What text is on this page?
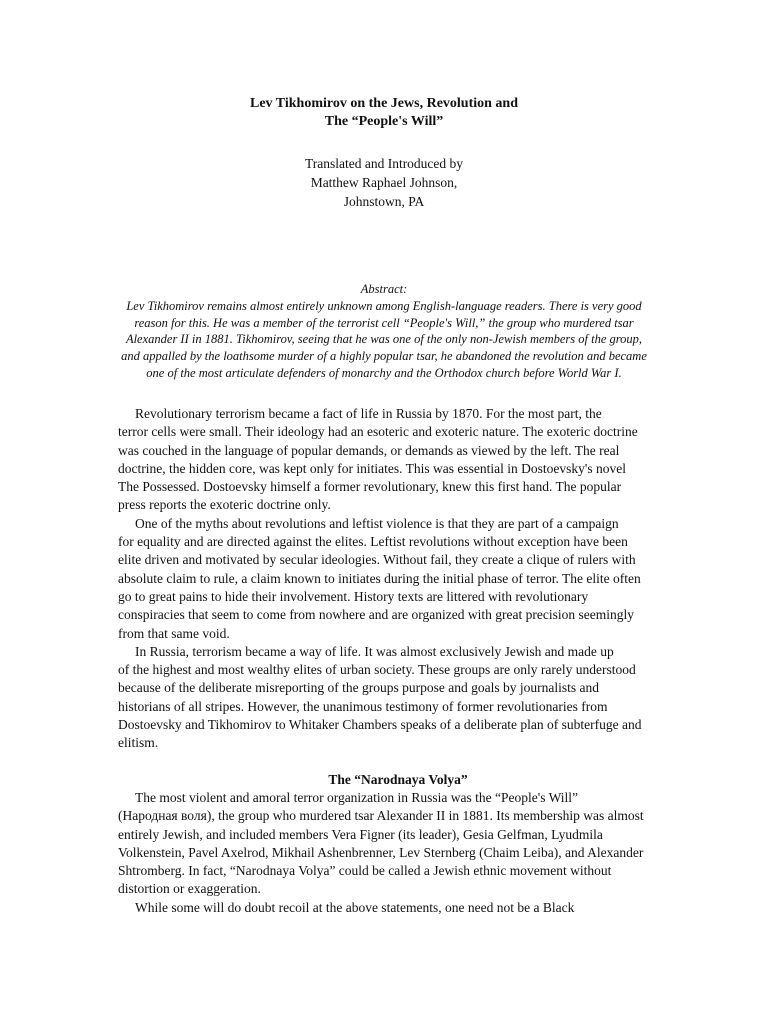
Lev Tikhomirov on the Jews, Revolution and
The “People's Will”
Translated and Introduced by
Matthew Raphael Johnson,
Johnstown, PA
Abstract:
Lev Tikhomirov remains almost entirely unknown among English-language readers. There is very good
reason for this. He was a member of the terrorist cell “People's Will,” the group who murdered tsar
Alexander II in 1881. Tikhomirov, seeing that he was one of the only non-Jewish members of the group,
and appalled by the loathsome murder of a highly popular tsar, he abandoned the revolution and became
one of the most articulate defenders of monarchy and the Orthodox church before World War I.
Revolutionary terrorism became a fact of life in Russia by 1870. For the most part, the
terror cells were small. Their ideology had an esoteric and exoteric nature. The exoteric doctrine
was couched in the language of popular demands, or demands as viewed by the left. The real
doctrine, the hidden core, was kept only for initiates. This was essential in Dostoevsky's novel
The Possessed. Dostoevsky himself a former revolutionary, knew this first hand. The popular
press reports the exoteric doctrine only.
One of the myths about revolutions and leftist violence is that they are part of a campaign
for equality and are directed against the elites. Leftist revolutions without exception have been
elite driven and motivated by secular ideologies. Without fail, they create a clique of rulers with
absolute claim to rule, a claim known to initiates during the initial phase of terror. The elite often
go to great pains to hide their involvement. History texts are littered with revolutionary
conspiracies that seem to come from nowhere and are organized with great precision seemingly
from that same void.
In Russia, terrorism became a way of life. It was almost exclusively Jewish and made up
of the highest and most wealthy elites of urban society. These groups are only rarely understood
because of the deliberate misreporting of the groups purpose and goals by journalists and
historians of all stripes. However, the unanimous testimony of former revolutionaries from
Dostoevsky and Tikhomirov to Whitaker Chambers speaks of a deliberate plan of subterfuge and
elitism.
The “Narodnaya Volya”
The most violent and amoral terror organization in Russia was the “People's Will”
(Народная воля), the group who murdered tsar Alexander II in 1881. Its membership was almost
entirely Jewish, and included members Vera Figner (its leader), Gesia Gelfman, Lyudmila
Volkenstein, Pavel Axelrod, Mikhail Ashenbrenner, Lev Sternberg (Chaim Leiba), and Alexander
Shtromberg. In fact, “Narodnaya Volya” could be called a Jewish ethnic movement without
distortion or exaggeration.
While some will do doubt recoil at the above statements, one need not be a Black
